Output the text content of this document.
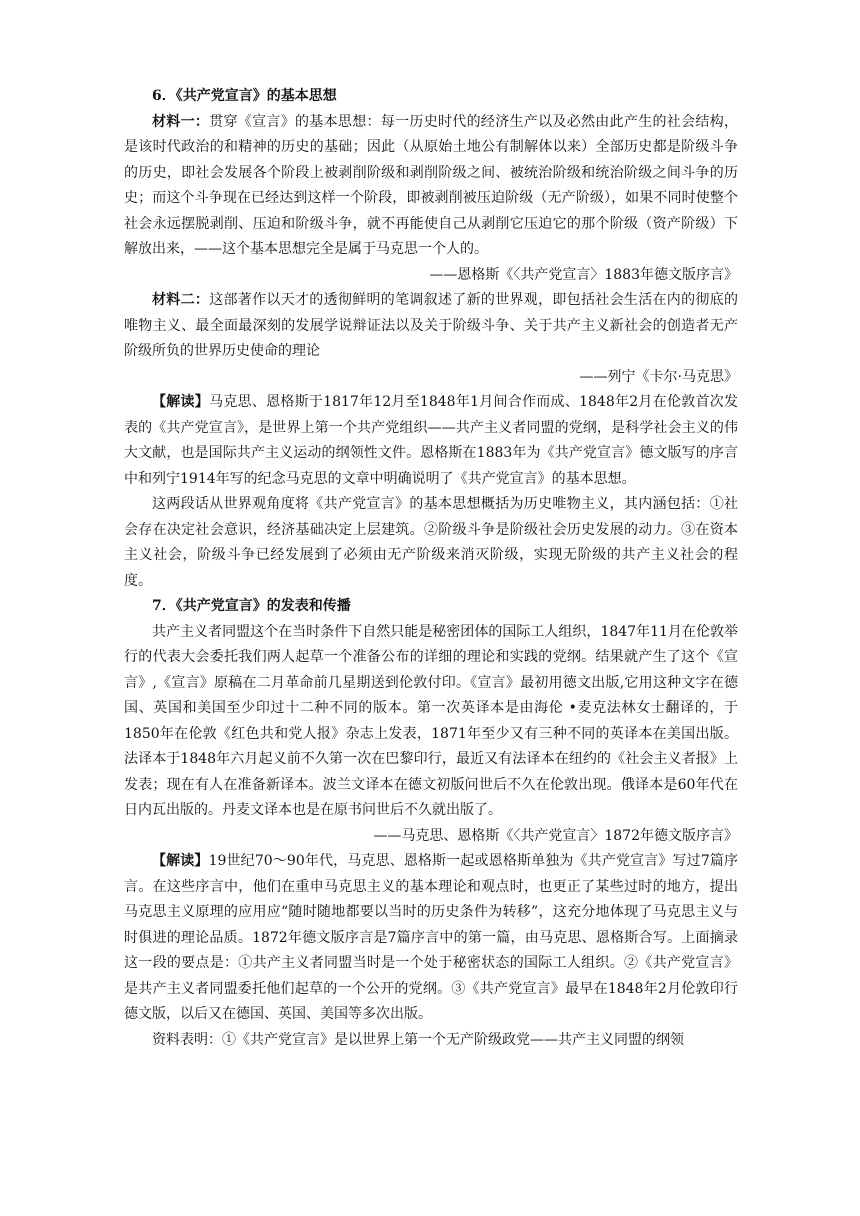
6．《共产党宣言》的基本思想

材料一：贯穿《宣言》的基本思想：每一历史时代的经济生产以及必然由此产生的社会结构，是该时代政治的和精神的历史的基础；因此（从原始土地公有制解体以来）全部历史都是阶级斗争的历史，即社会发展各个阶段上被剥削阶级和剥削阶级之间、被统治阶级和统治阶级之间斗争的历史；而这个斗争现在已经达到这样一个阶段，即被剥削被压迫阶级（无产阶级），如果不同时使整个社会永远摆脱剥削、压迫和阶级斗争，就不再能使自己从剥削它压迫它的那个阶级（资产阶级）下解放出来，——这个基本思想完全是属于马克思一个人的。

——恩格斯《〈共产党宣言〉1883年德文版序言》

材料二：这部著作以天才的透彻鲜明的笔调叙述了新的世界观，即包括社会生活在内的彻底的唯物主义、最全面最深刻的发展学说辩证法以及关于阶级斗争、关于共产主义新社会的创造者无产阶级所负的世界历史使命的理论

——列宁《卡尔·马克思》

【解读】马克思、恩格斯于1817年12月至1848年1月间合作而成、1848年2月在伦敦首次发表的《共产党宣言》，是世界上第一个共产党组织——共产主义者同盟的党纲，是科学社会主义的伟大文献，也是国际共产主义运动的纲领性文件。恩格斯在1883年为《共产党宣言》德文版写的序言中和列宁1914年写的纪念马克思的文章中明确说明了《共产党宣言》的基本思想。

这两段话从世界观角度将《共产党宣言》的基本思想概括为历史唯物主义，其内涵包括：①社会存在决定社会意识，经济基础决定上层建筑。②阶级斗争是阶级社会历史发展的动力。③在资本主义社会，阶级斗争已经发展到了必须由无产阶级来消灭阶级，实现无阶级的共产主义社会的程度。

7．《共产党宣言》的发表和传播

共产主义者同盟这个在当时条件下自然只能是秘密团体的国际工人组织，1847年11月在伦敦举行的代表大会委托我们两人起草一个准备公布的详细的理论和实践的党纲。结果就产生了这个《宣言》,《宣言》原稿在二月革命前几星期送到伦敦付印。《宣言》最初用德文出版,它用这种文字在德国、英国和美国至少印过十二种不同的版本。第一次英译本是由海伦 •麦克法林女士翻译的，于1850年在伦敦《红色共和党人报》杂志上发表，1871年至少又有三种不同的英译本在美国出版。法译本于1848年六月起义前不久第一次在巴黎印行，最近又有法译本在纽约的《社会主义者报》上发表；现在有人在准备新译本。波兰文译本在德文初版问世后不久在伦敦出现。俄译本是60年代在日内瓦出版的。丹麦文译本也是在原书问世后不久就出版了。

——马克思、恩格斯《〈共产党宣言〉1872年德文版序言》

【解读】19世纪70～90年代，马克思、恩格斯一起或恩格斯单独为《共产党宣言》写过7篇序言。在这些序言中，他们在重申马克思主义的基本理论和观点时，也更正了某些过时的地方，提出马克思主义原理的应用应“随时随地都要以当时的历史条件为转移”，这充分地体现了马克思主义与时俱进的理论品质。1872年德文版序言是7篇序言中的第一篇，由马克思、恩格斯合写。上面摘录这一段的要点是：①共产主义者同盟当时是一个处于秘密状态的国际工人组织。②《共产党宣言》是共产主义者同盟委托他们起草的一个公开的党纲。③《共产党宣言》最早在1848年2月伦敦印行德文版，以后又在德国、英国、美国等多次出版。

资料表明：①《共产党宣言》是以世界上第一个无产阶级政党——共产主义同盟的纲领
